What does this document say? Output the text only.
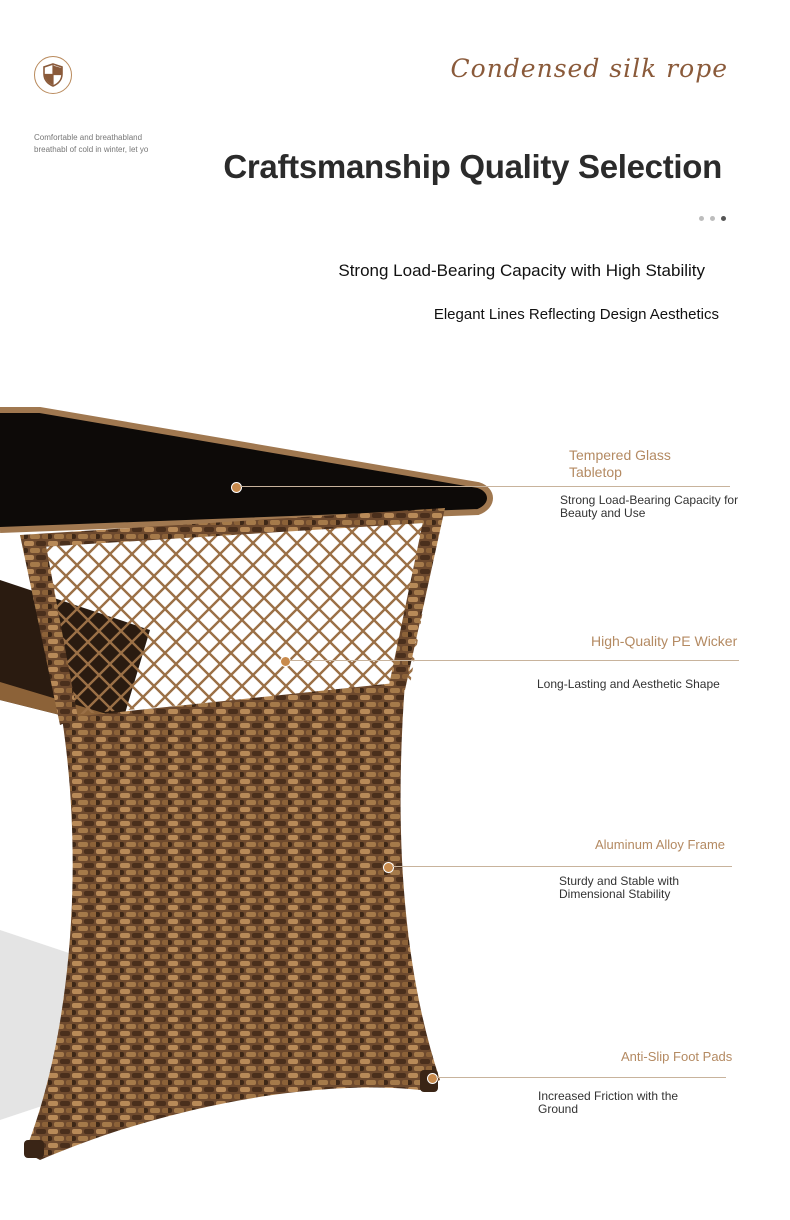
Comfortable and breathabland breathabl of cold in winter, let yo
Condensed silk rope
Craftsmanship Quality Selection
Strong Load-Bearing Capacity with High Stability
Elegant Lines Reflecting Design Aesthetics
Tempered Glass Tabletop
Strong Load-Bearing Capacity for Beauty and Use
High-Quality PE Wicker
Long-Lasting and Aesthetic Shape
Aluminum Alloy Frame
Sturdy and Stable with Dimensional Stability
Anti-Slip Foot Pads
Increased Friction with the Ground
